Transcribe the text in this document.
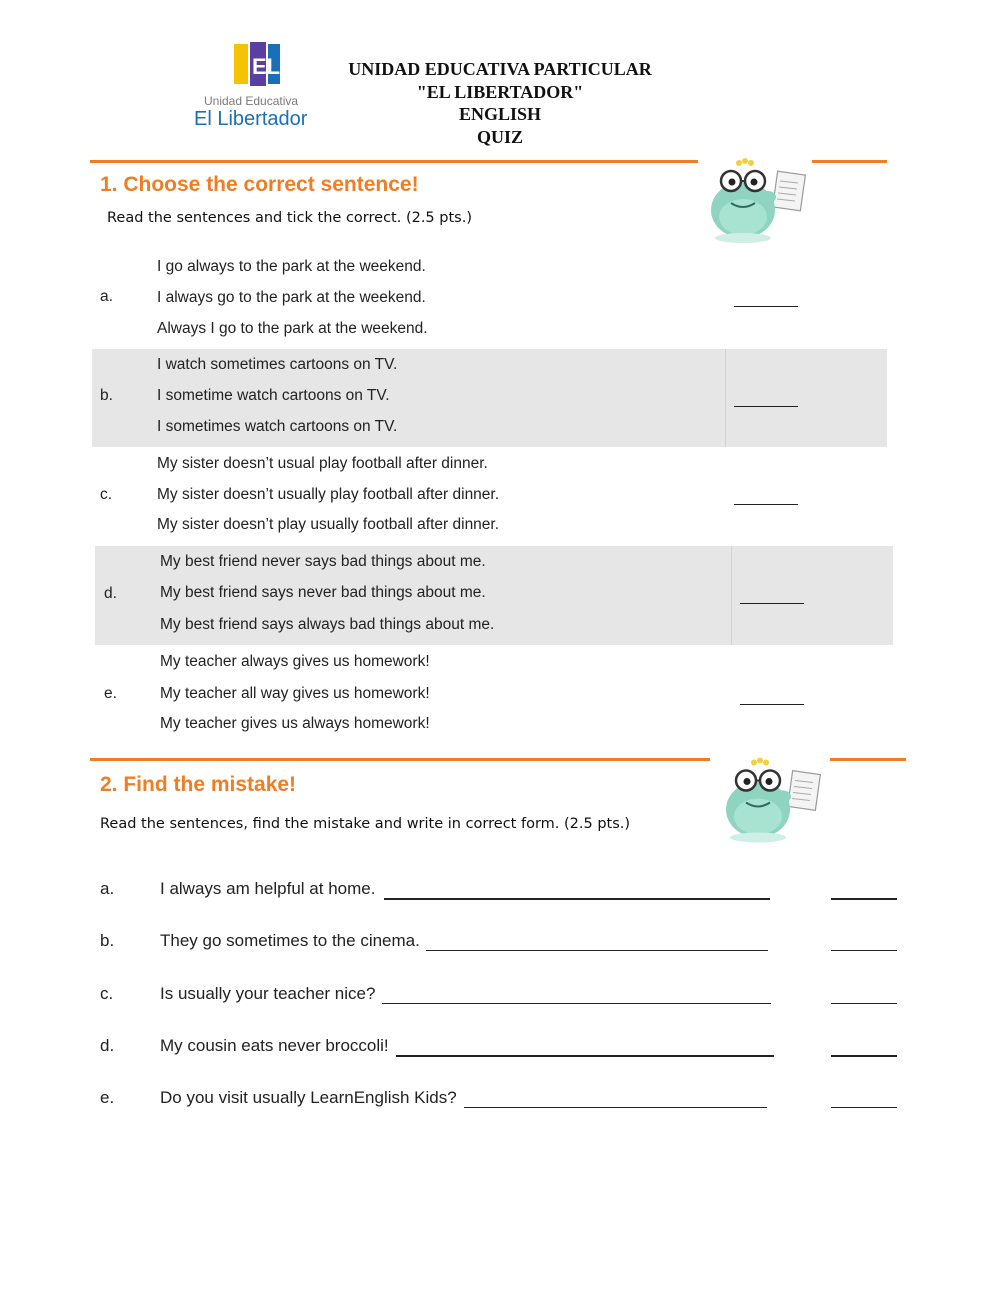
EL
Unidad Educativa
El Libertador
UNIDAD EDUCATIVA PARTICULAR
"EL LIBERTADOR"
ENGLISH
QUIZ
1. Choose the correct sentence!
Read the sentences and tick the correct. (2.5 pts.)
a.
I go always to the park at the weekend.
I always go to the park at the weekend.
Always I go to the park at the weekend.
b.
I watch sometimes cartoons on TV.
I sometime watch cartoons on TV.
I sometimes watch cartoons on TV.
c.
My sister doesn’t usual play football after dinner.
My sister doesn’t usually play football after dinner.
My sister doesn’t play usually football after dinner.
d.
My best friend never says bad things about me.
My best friend says never bad things about me.
My best friend says always bad things about me.
e.
My teacher always gives us homework!
My teacher all way gives us homework!
My teacher gives us always homework!
2. Find the mistake!
Read the sentences, find the mistake and write in correct form. (2.5 pts.)
a.	I always am helpful at home.
b.	They go sometimes to the cinema.
c.	Is usually your teacher nice?
d.	My cousin eats never broccoli!
e.	Do you visit usually LearnEnglish Kids?
